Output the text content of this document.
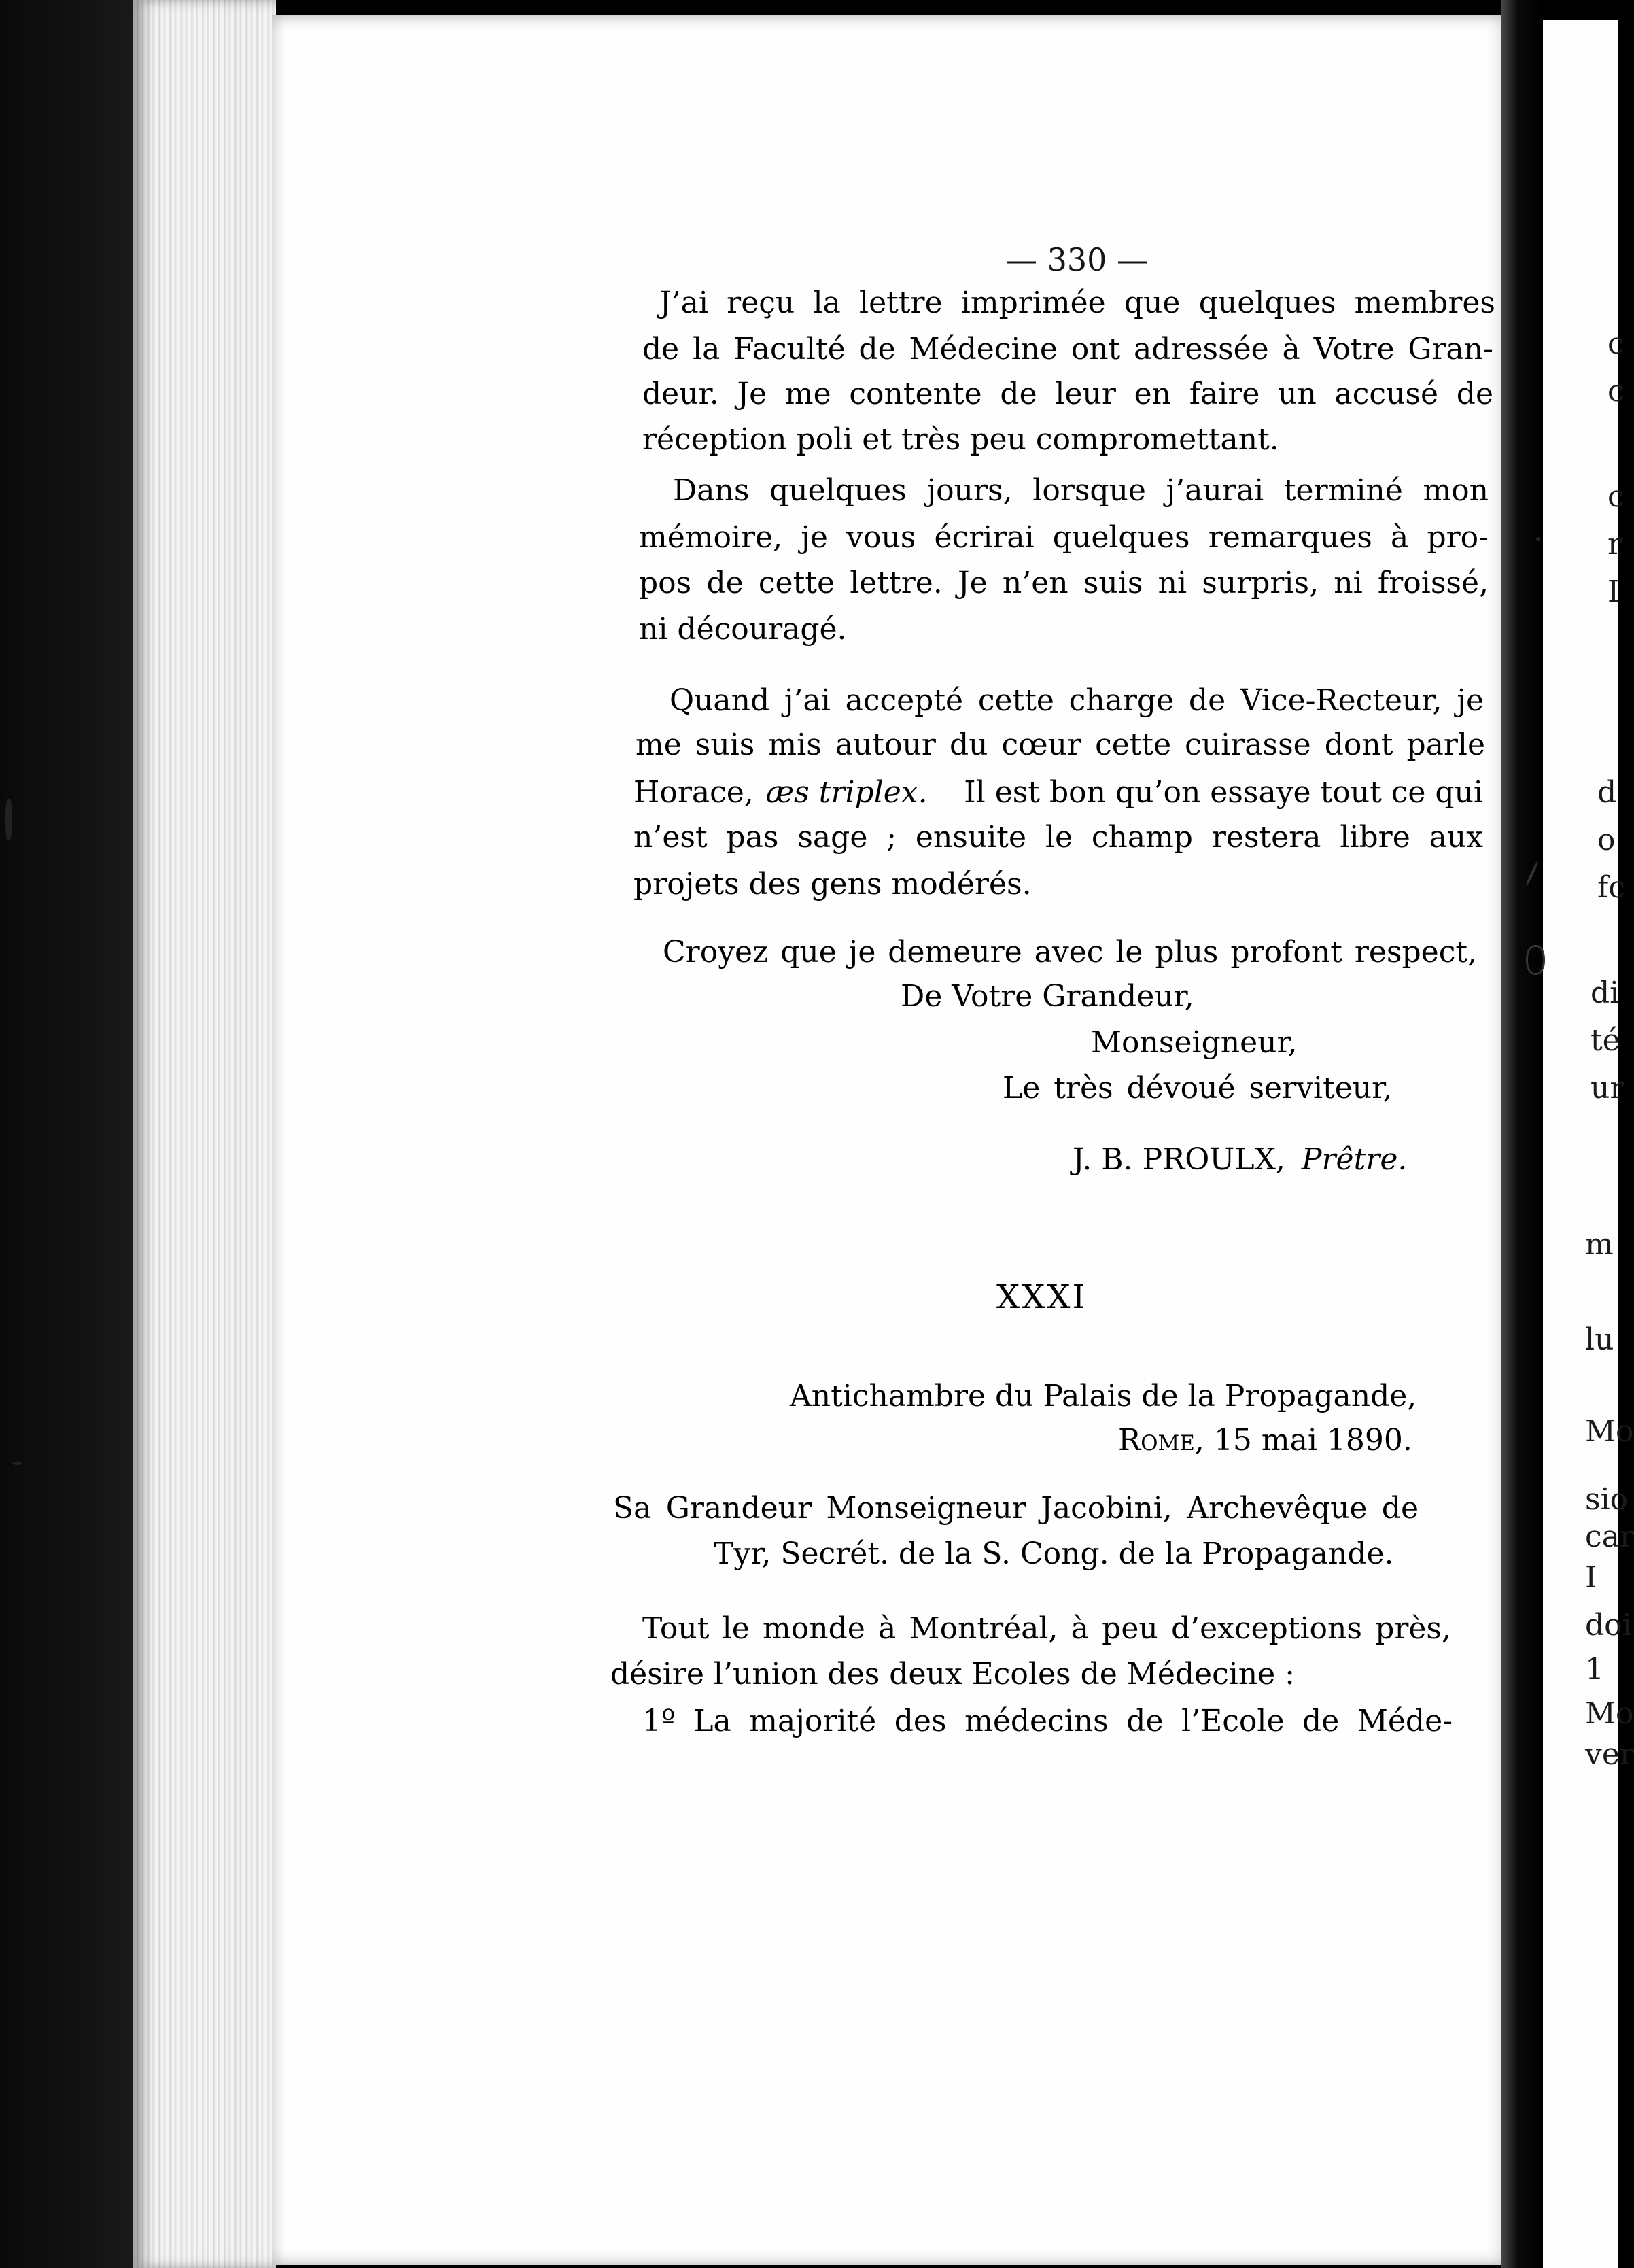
— 330 —
J’ai reçu la lettre imprimée que quelques membres
de la Faculté de Médecine ont adressée à Votre Gran-
deur. Je me contente de leur en faire un accusé de
réception poli et très peu compromettant.
Dans quelques jours, lorsque j’aurai terminé mon
mémoire, je vous écrirai quelques remarques à pro-
pos de cette lettre. Je n’en suis ni surpris, ni froissé,
ni découragé.
Quand j’ai accepté cette charge de Vice-Recteur, je
me suis mis autour du cœur cette cuirasse dont parle
Horace, æs triplex. Il est bon qu’on essaye tout ce qui
n’est pas sage ; ensuite le champ restera libre aux
projets des gens modérés.
Croyez que je demeure avec le plus profont respect,
De Votre Grandeur,
Monseigneur,
Le très dévoué serviteur,
J. B. PROULX, Prêtre.
XXXI
Antichambre du Palais de la Propagande,
Rome, 15 mai 1890.
Sa Grandeur Monseigneur Jacobini, Archevêque de
Tyr, Secrét. de la S. Cong. de la Propagande.
Tout le monde à Montréal, à peu d’exceptions près,
désire l’union des deux Ecoles de Médecine :
1º La majorité des médecins de l’Ecole de Méde-
c
c
c
r
I
d
o
fc
di
té
ur
m
lu
Mo
sio
car
I
doi
1
Mo
ver
